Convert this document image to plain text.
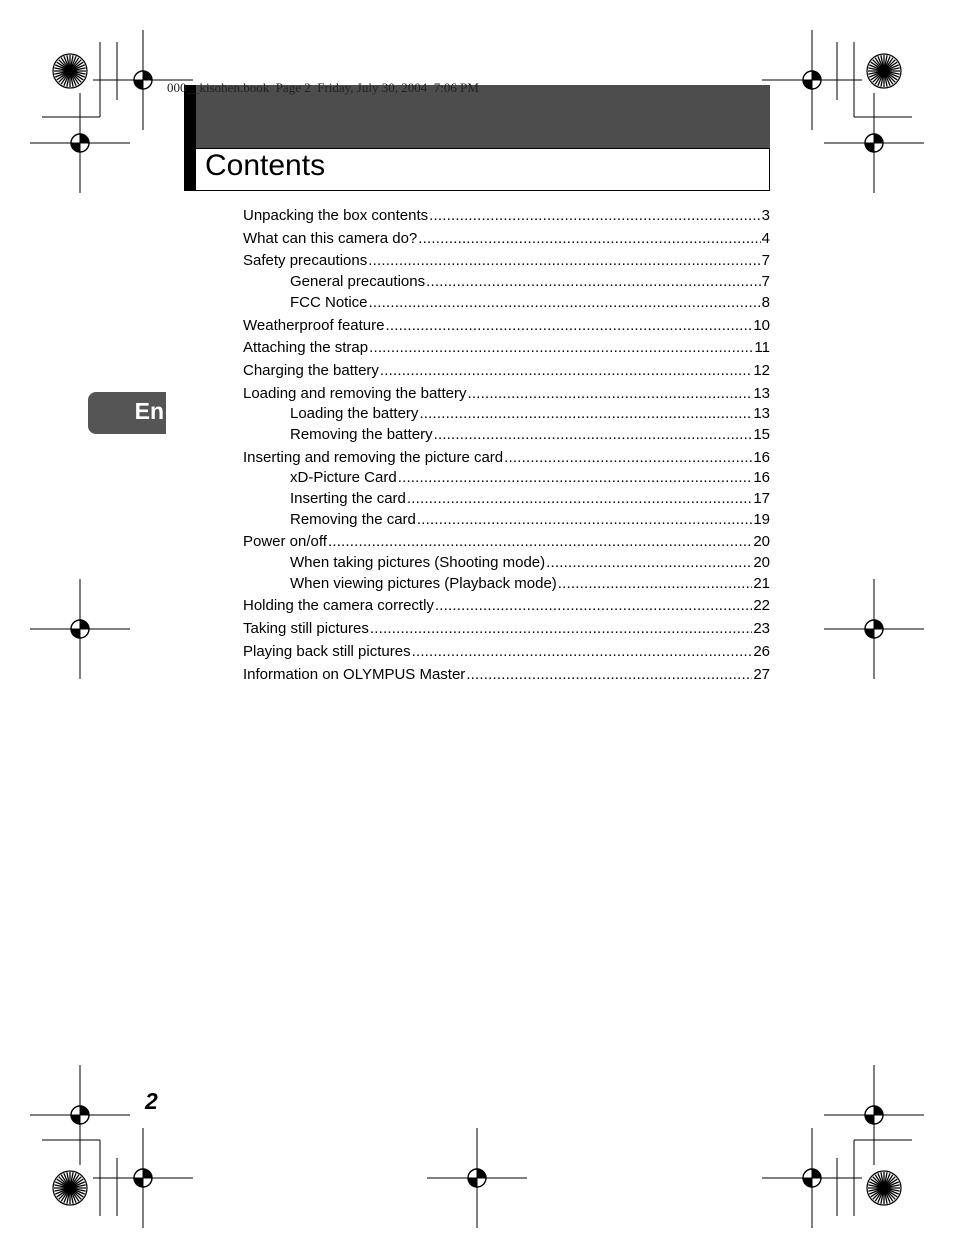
000__kisohen.book  Page 2  Friday, July 30, 2004  7:06 PM
Contents
En
Unpacking the box contents .....	3
What can this camera do? .....	4
Safety precautions .....	7
General precautions .....	7
FCC Notice .....	8
Weatherproof feature .....	10
Attaching the strap .....	11
Charging the battery .....	12
Loading and removing the battery .....	13
Loading the battery .....	13
Removing the battery .....	15
Inserting and removing the picture card .....	16
xD-Picture Card .....	16
Inserting the card .....	17
Removing the card .....	19
Power on/off .....	20
When taking pictures (Shooting mode) .....	20
When viewing pictures (Playback mode) .....	21
Holding the camera correctly .....	22
Taking still pictures .....	23
Playing back still pictures .....	26
Information on OLYMPUS Master .....	27
2
